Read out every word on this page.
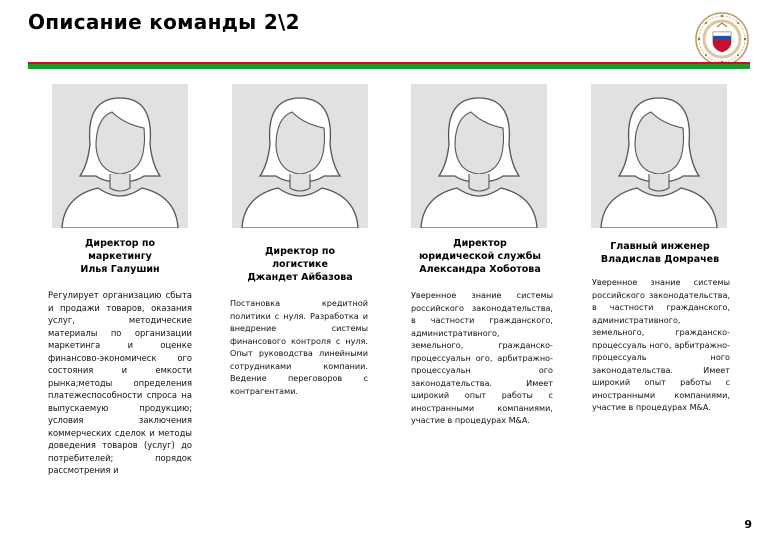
Описание команды 2\2
Директор по
маркетингу
Илья Галушин
Директор по
логистике
Джандет Айбазова
Директор
юридической службы
Александра Хоботова
Главный инженер
Владислав Домрачев
Регулирует организацию сбыта и продажи товаров, оказания услуг, методические материалы по организации маркетинга и оценке финансово-экономическ ого состояния и емкости рынка;методы определения платежеспособности спроса на выпускаемую продукцию; условия заключения коммерческих сделок и методы доведения товаров (услуг) до потребителей; порядок рассмотрения и
Постановка кредитной политики с нуля. Разработка и внедрение системы финансового контроля с нуля. Опыт руководства линейными сотрудниками компании. Ведение переговоров с контрагентами.
Уверенное знание системы российского законодательства, в частности гражданского, административного, земельного, гражданско-процессуальн ого, арбитражно-процессуальн ого законодательства. Имеет широкий опыт работы с иностранными компаниями, участие в процедурах M&A.
Уверенное знание системы российского законодательства, в частности гражданского, административного, земельного, гражданско-процессуаль ного, арбитражно-процессуаль ного законодательства. Имеет широкий опыт работы с иностранными компаниями, участие в процедурах M&A.
9
